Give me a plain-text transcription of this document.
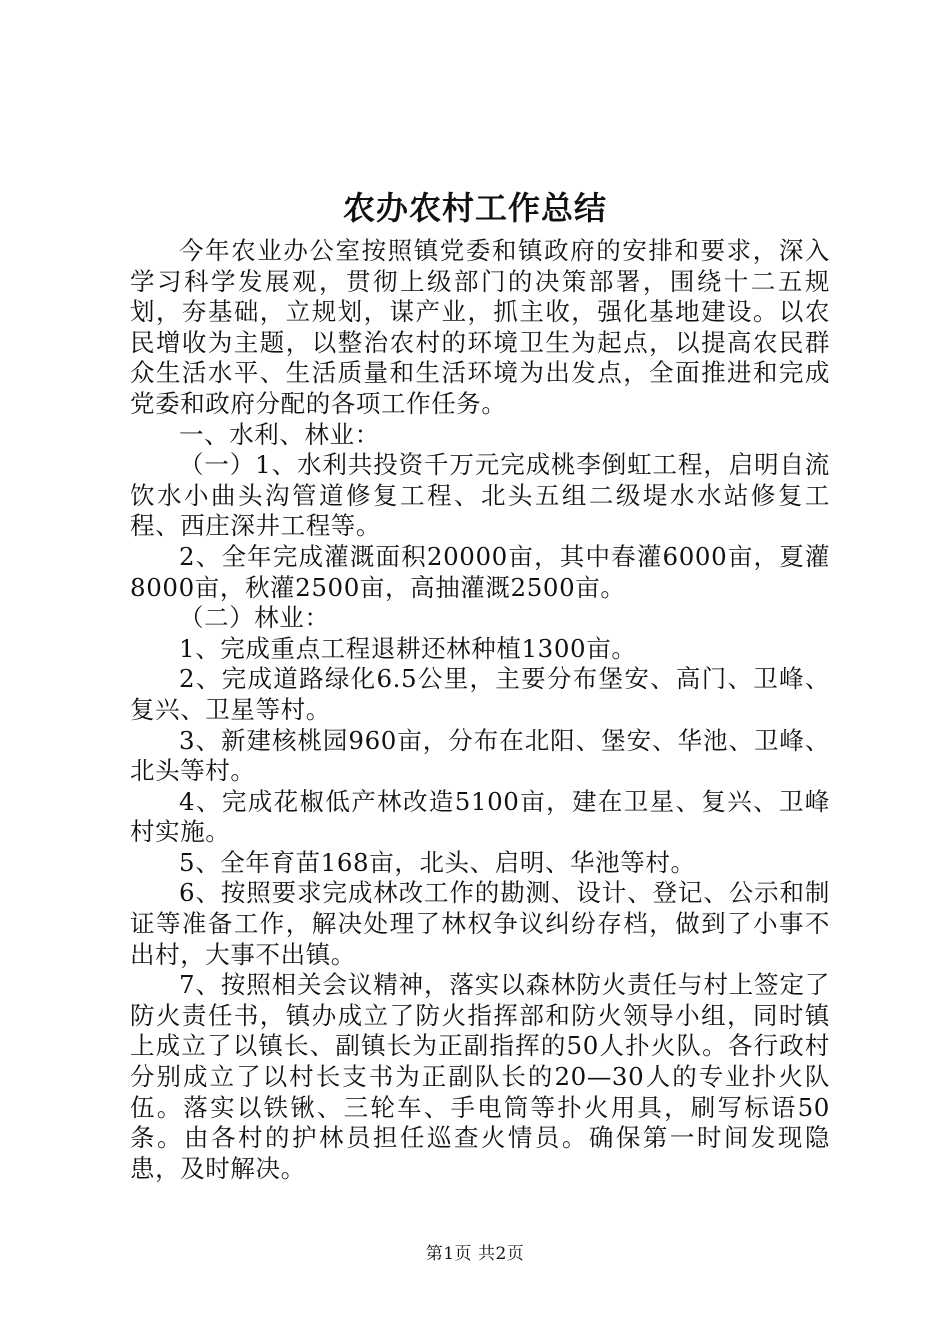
农办农村工作总结

今年农业办公室按照镇党委和镇政府的安排和要求，深入学习科学发展观，贯彻上级部门的决策部署，围绕十二五规划，夯基础，立规划，谋产业，抓主收，强化基地建设。以农民增收为主题，以整治农村的环境卫生为起点，以提高农民群众生活水平、生活质量和生活环境为出发点，全面推进和完成党委和政府分配的各项工作任务。

一、水利、林业：

（一）1、水利共投资千万元完成桃李倒虹工程，启明自流饮水小曲头沟管道修复工程、北头五组二级堤水水站修复工程、西庄深井工程等。

2、全年完成灌溉面积20000亩，其中春灌6000亩，夏灌8000亩，秋灌2500亩，高抽灌溉2500亩。

（二）林业：

1、完成重点工程退耕还林种植1300亩。

2、完成道路绿化6.5公里，主要分布堡安、高门、卫峰、复兴、卫星等村。

3、新建核桃园960亩，分布在北阳、堡安、华池、卫峰、北头等村。

4、完成花椒低产林改造5100亩，建在卫星、复兴、卫峰村实施。

5、全年育苗168亩，北头、启明、华池等村。

6、按照要求完成林改工作的勘测、设计、登记、公示和制证等准备工作，解决处理了林权争议纠纷存档，做到了小事不出村，大事不出镇。

7、按照相关会议精神，落实以森林防火责任与村上签定了防火责任书，镇办成立了防火指挥部和防火领导小组，同时镇上成立了以镇长、副镇长为正副指挥的50人扑火队。各行政村分别成立了以村长支书为正副队长的20—30人的专业扑火队伍。落实以铁锹、三轮车、手电筒等扑火用具，刷写标语50条。由各村的护林员担任巡查火情员。确保第一时间发现隐患，及时解决。

第1页 共2页
